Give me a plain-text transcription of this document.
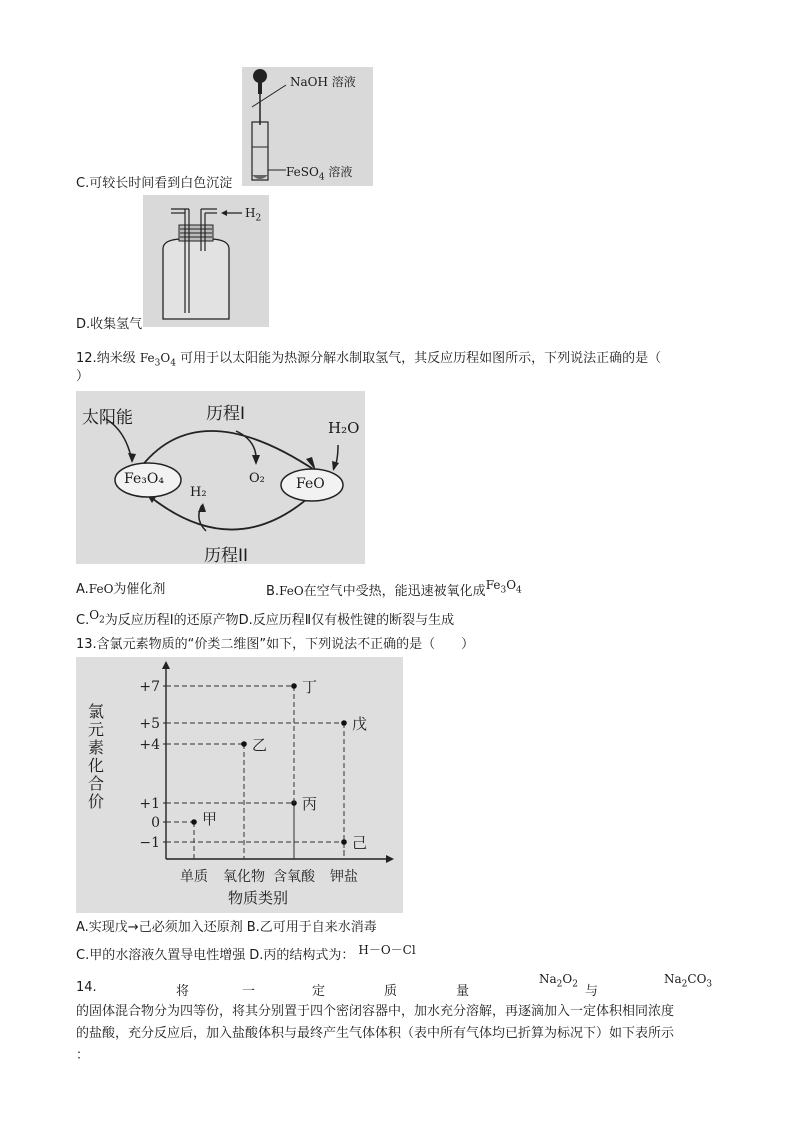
NaOH 溶液
FeSO$_4$ 溶液
C.可较长时间看到白色沉淀
$H_2$
D.收集氢气
12.纳米级 $Fe_3O_4$ 可用于以太阳能为热源分解水制取氢气，其反应历程如图所示，下列说法正确的是（
）
太阳能	历程I
历程II
Fe₃O₄	FeO
O₂
H₂
H₂O
A.FeO为催化剂	B.FeO在空气中受热，能迅速被氧化成$Fe_3O_4$
$C.O_2$为反应历程Ⅰ的还原产物D.反应历程Ⅱ仅有极性键的断裂与生成
13.含氯元素物质的“价类二维图”如下，下列说法不正确的是（　　）
+7
+5
+4
+1
0
−1
单质 氧化物 含氧酸 钾盐
甲
乙
丙
丁
戊
己
氯元素化合价
物质类别
A.实现戊→己必须加入还原剂 B.乙可用于自来水消毒
C.甲的水溶液久置导电性增强 D.丙的结构式为： H－O－Cl
14.	将	一	定	质	量
$Na_2O_2$ 与
$Na_2CO_3$
的固体混合物分为四等份，将其分别置于四个密闭容器中，加水充分溶解，再逐滴加入一定体积相同浓度
的盐酸，充分反应后，加入盐酸体积与最终产生气体体积（表中所有气体均已折算为标况下）如下表所示
：
